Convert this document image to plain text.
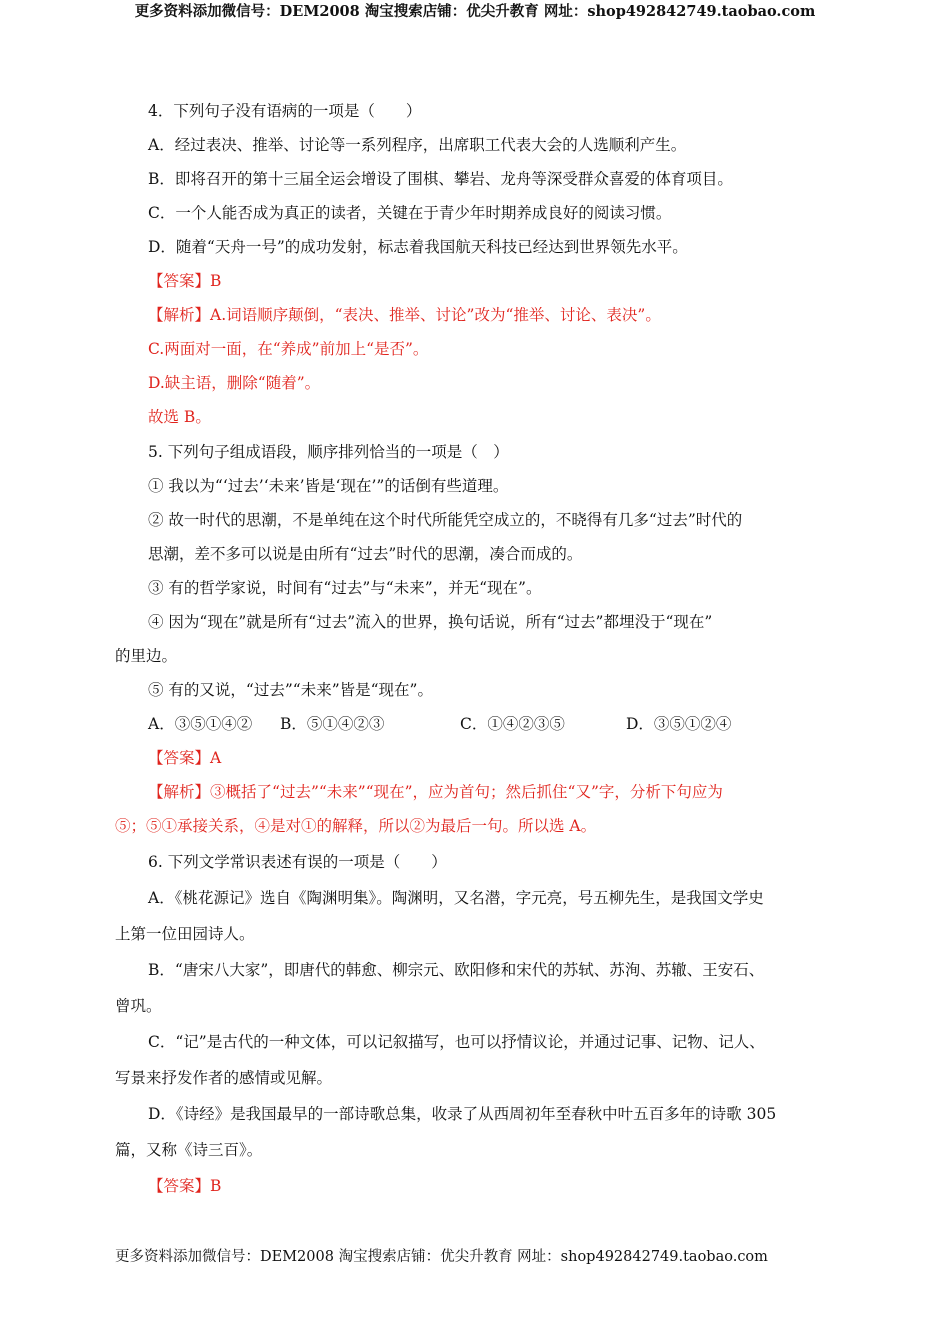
更多资料添加微信号：DEM2008 淘宝搜索店铺：优尖升教育 网址：shop492842749.taobao.com
4．下列句子没有语病的一项是（　　）
A．经过表决、推举、讨论等一系列程序，出席职工代表大会的人选顺利产生。
B．即将召开的第十三届全运会增设了围棋、攀岩、龙舟等深受群众喜爱的体育项目。
C．一个人能否成为真正的读者，关键在于青少年时期养成良好的阅读习惯。
D．随着“天舟一号”的成功发射，标志着我国航天科技已经达到世界领先水平。
【答案】B
【解析】A.词语顺序颠倒，“表决、推举、讨论”改为“推举、讨论、表决”。
C.两面对一面，在“养成”前加上“是否”。
D.缺主语，删除“随着”。
故选 B。
5. 下列句子组成语段，顺序排列恰当的一项是（　）
① 我以为“‘过去’‘未来’皆是‘现在’”的话倒有些道理。
② 故一时代的思潮，不是单纯在这个时代所能凭空成立的，不晓得有几多“过去”时代的
思潮，差不多可以说是由所有“过去”时代的思潮，凑合而成的。
③ 有的哲学家说，时间有“过去”与“未来”，并无“现在”。
④ 因为“现在”就是所有“过去”流入的世界，换句话说，所有“过去”都埋没于“现在”
的里边。
⑤ 有的又说，“过去”“未来”皆是“现在”。
A．③⑤①④② B．⑤①④②③	C．①④②③⑤	D．③⑤①②④
【答案】A
【解析】③概括了“过去”“未来”“现在”，应为首句；然后抓住“又”字，分析下句应为
⑤；⑤①承接关系，④是对①的解释，所以②为最后一句。所以选 A。
6. 下列文学常识表述有误的一项是（　　）
A．《桃花源记》选自《陶渊明集》。陶渊明，又名潜，字元亮，号五柳先生，是我国文学史
上第一位田园诗人。
B．“唐宋八大家”，即唐代的韩愈、柳宗元、欧阳修和宋代的苏轼、苏洵、苏辙、王安石、
曾巩。
C．“记”是古代的一种文体，可以记叙描写，也可以抒情议论，并通过记事、记物、记人、
写景来抒发作者的感情或见解。
D．《诗经》是我国最早的一部诗歌总集，收录了从西周初年至春秋中叶五百多年的诗歌 305
篇，又称《诗三百》。
【答案】B
更多资料添加微信号：DEM2008 淘宝搜索店铺：优尖升教育 网址：shop492842749.taobao.com
